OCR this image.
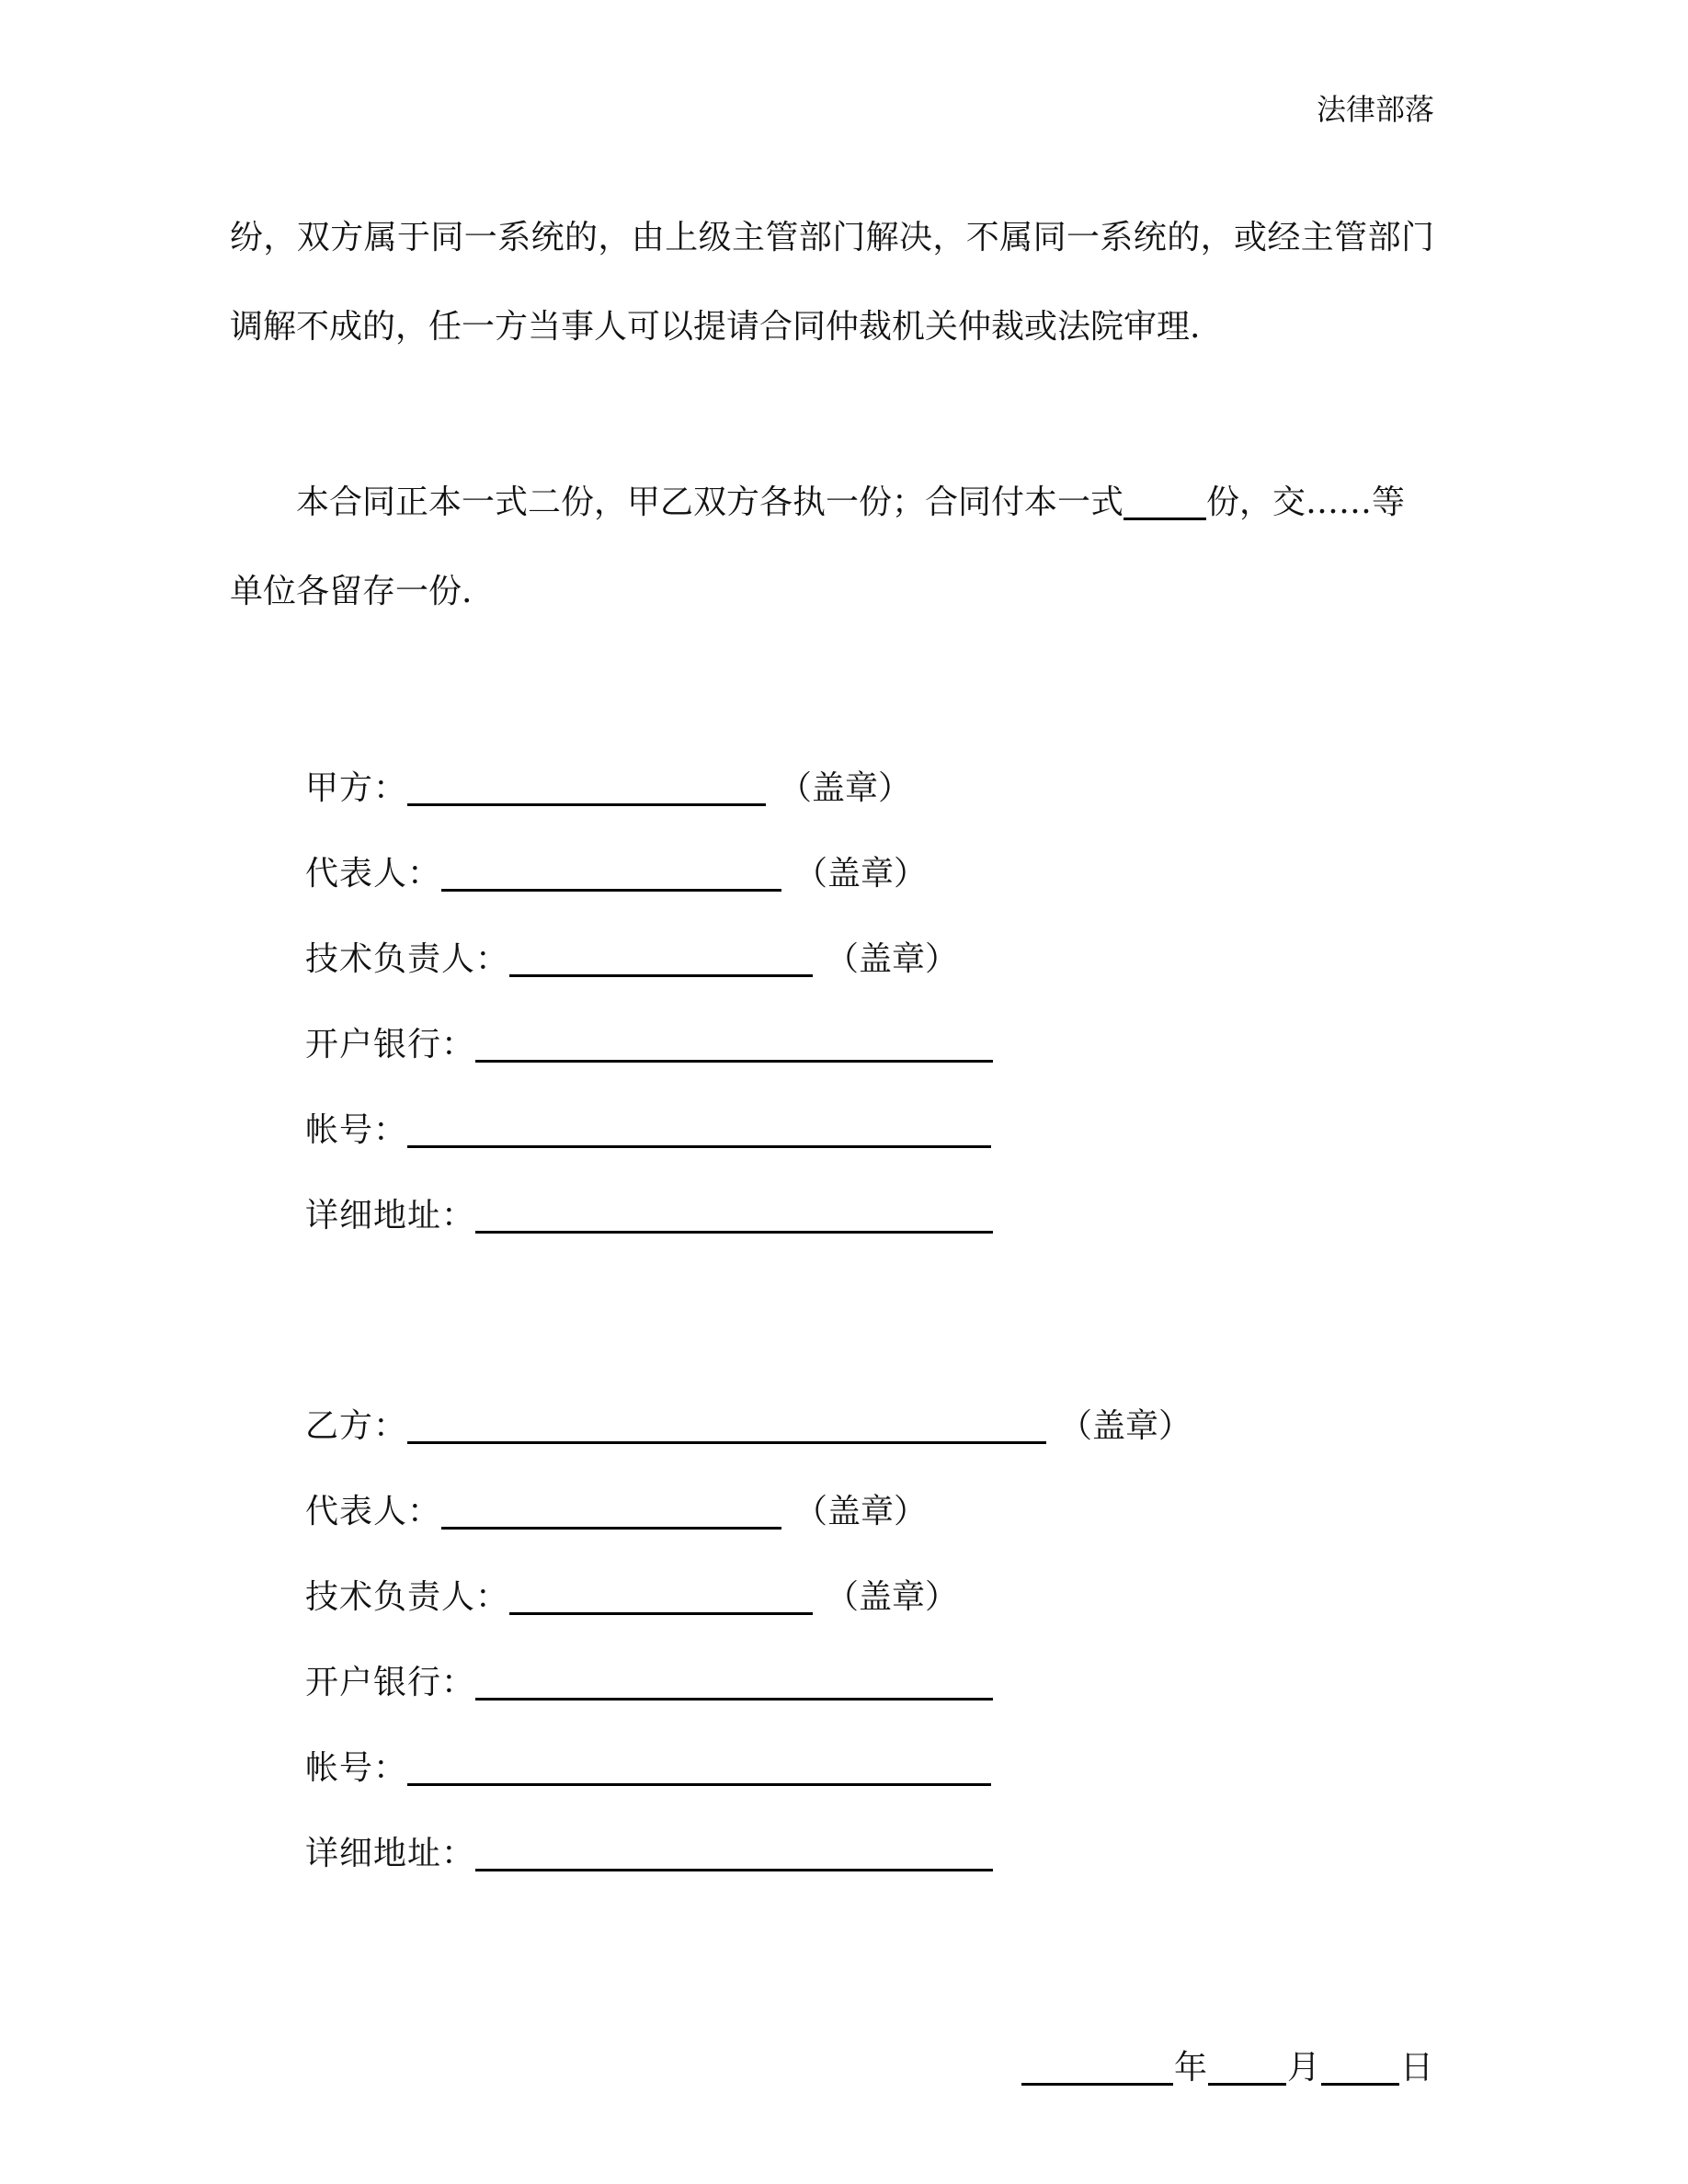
法律部落
纷，双方属于同一系统的，由上级主管部门解决，不属同一系统的，或经主管部门
调解不成的，任一方当事人可以提请合同仲裁机关仲裁或法院审理.
本合同正本一式二份，甲乙双方各执一份；合同付本一式	份，交……等
单位各留存一份.
甲方：	（盖章）
代表人：	（盖章）
技术负责人：	（盖章）
开户银行：
帐号：
详细地址：
乙方：	（盖章）
代表人：	（盖章）
技术负责人：	（盖章）
开户银行：
帐号：
详细地址：
年 月 日
